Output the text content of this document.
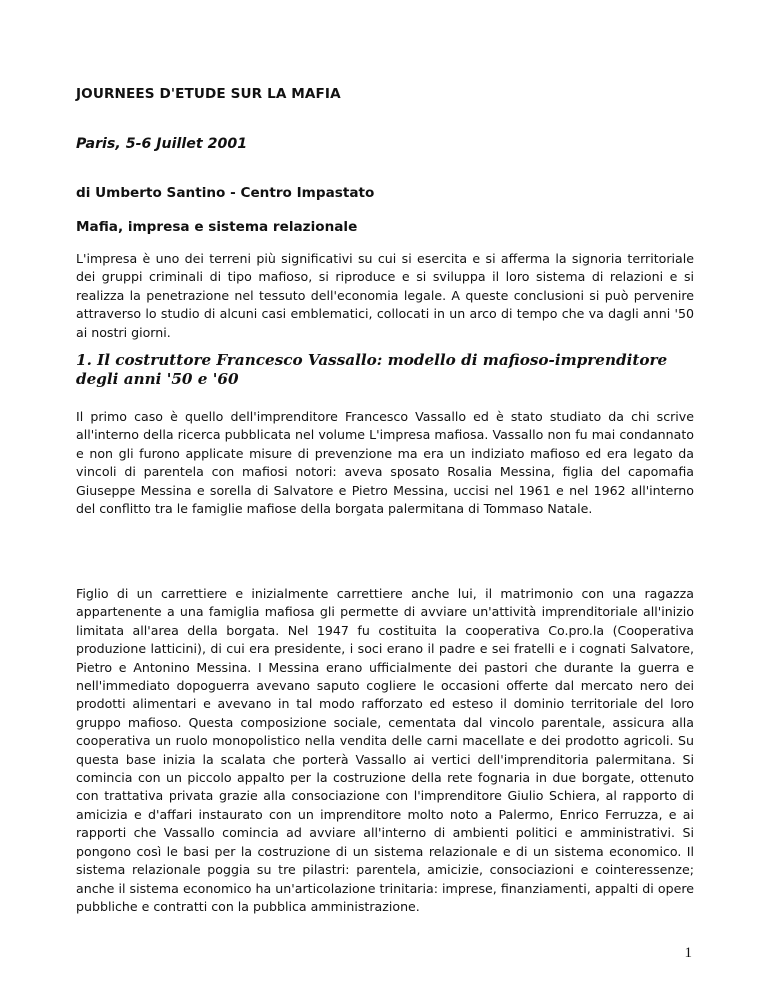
JOURNEES D'ETUDE SUR LA MAFIA

Paris, 5-6 Juillet 2001

di Umberto Santino - Centro Impastato

Mafia, impresa e sistema relazionale

L'impresa è uno dei terreni più significativi su cui si esercita e si afferma la signoria territoriale dei gruppi criminali di tipo mafioso, si riproduce e si sviluppa il loro sistema di relazioni e si realizza la penetrazione nel tessuto dell'economia legale. A queste conclusioni si può pervenire attraverso lo studio di alcuni casi emblematici, collocati in un arco di tempo che va dagli anni '50 ai nostri giorni.

1. Il costruttore Francesco Vassallo: modello di mafioso-imprenditore degli anni '50 e '60

Il primo caso è quello dell'imprenditore Francesco Vassallo ed è stato studiato da chi scrive all'interno della ricerca pubblicata nel volume L'impresa mafiosa. Vassallo non fu mai condannato e non gli furono applicate misure di prevenzione ma era un indiziato mafioso ed era legato da vincoli di parentela con mafiosi notori: aveva sposato Rosalia Messina, figlia del capomafia Giuseppe Messina e sorella di Salvatore e Pietro Messina, uccisi nel 1961 e nel 1962 all'interno del conflitto tra le famiglie mafiose della borgata palermitana di Tommaso Natale.

Figlio di un carrettiere e inizialmente carrettiere anche lui, il matrimonio con una ragazza appartenente a una famiglia mafiosa gli permette di avviare un'attività imprenditoriale all'inizio limitata all'area della borgata. Nel 1947 fu costituita la cooperativa Co.pro.la (Cooperativa produzione latticini), di cui era presidente, i soci erano il padre e sei fratelli e i cognati Salvatore, Pietro e Antonino Messina. I Messina erano ufficialmente dei pastori che durante la guerra e nell'immediato dopoguerra avevano saputo cogliere le occasioni offerte dal mercato nero dei prodotti alimentari e avevano in tal modo rafforzato ed esteso il dominio territoriale del loro gruppo mafioso. Questa composizione sociale, cementata dal vincolo parentale, assicura alla cooperativa un ruolo monopolistico nella vendita delle carni macellate e dei prodotto agricoli. Su questa base inizia la scalata che porterà Vassallo ai vertici dell'imprenditoria palermitana. Si comincia con un piccolo appalto per la costruzione della rete fognaria in due borgate, ottenuto con trattativa privata grazie alla consociazione con l'imprenditore Giulio Schiera, al rapporto di amicizia e d'affari instaurato con un imprenditore molto noto a Palermo, Enrico Ferruzza, e ai rapporti che Vassallo comincia ad avviare all'interno di ambienti politici e amministrativi. Si pongono così le basi per la costruzione di un sistema relazionale e di un sistema economico. Il sistema relazionale poggia su tre pilastri: parentela, amicizie, consociazioni e cointeressenze; anche il sistema economico ha un'articolazione trinitaria: imprese, finanziamenti, appalti di opere pubbliche e contratti con la pubblica amministrazione.

1
